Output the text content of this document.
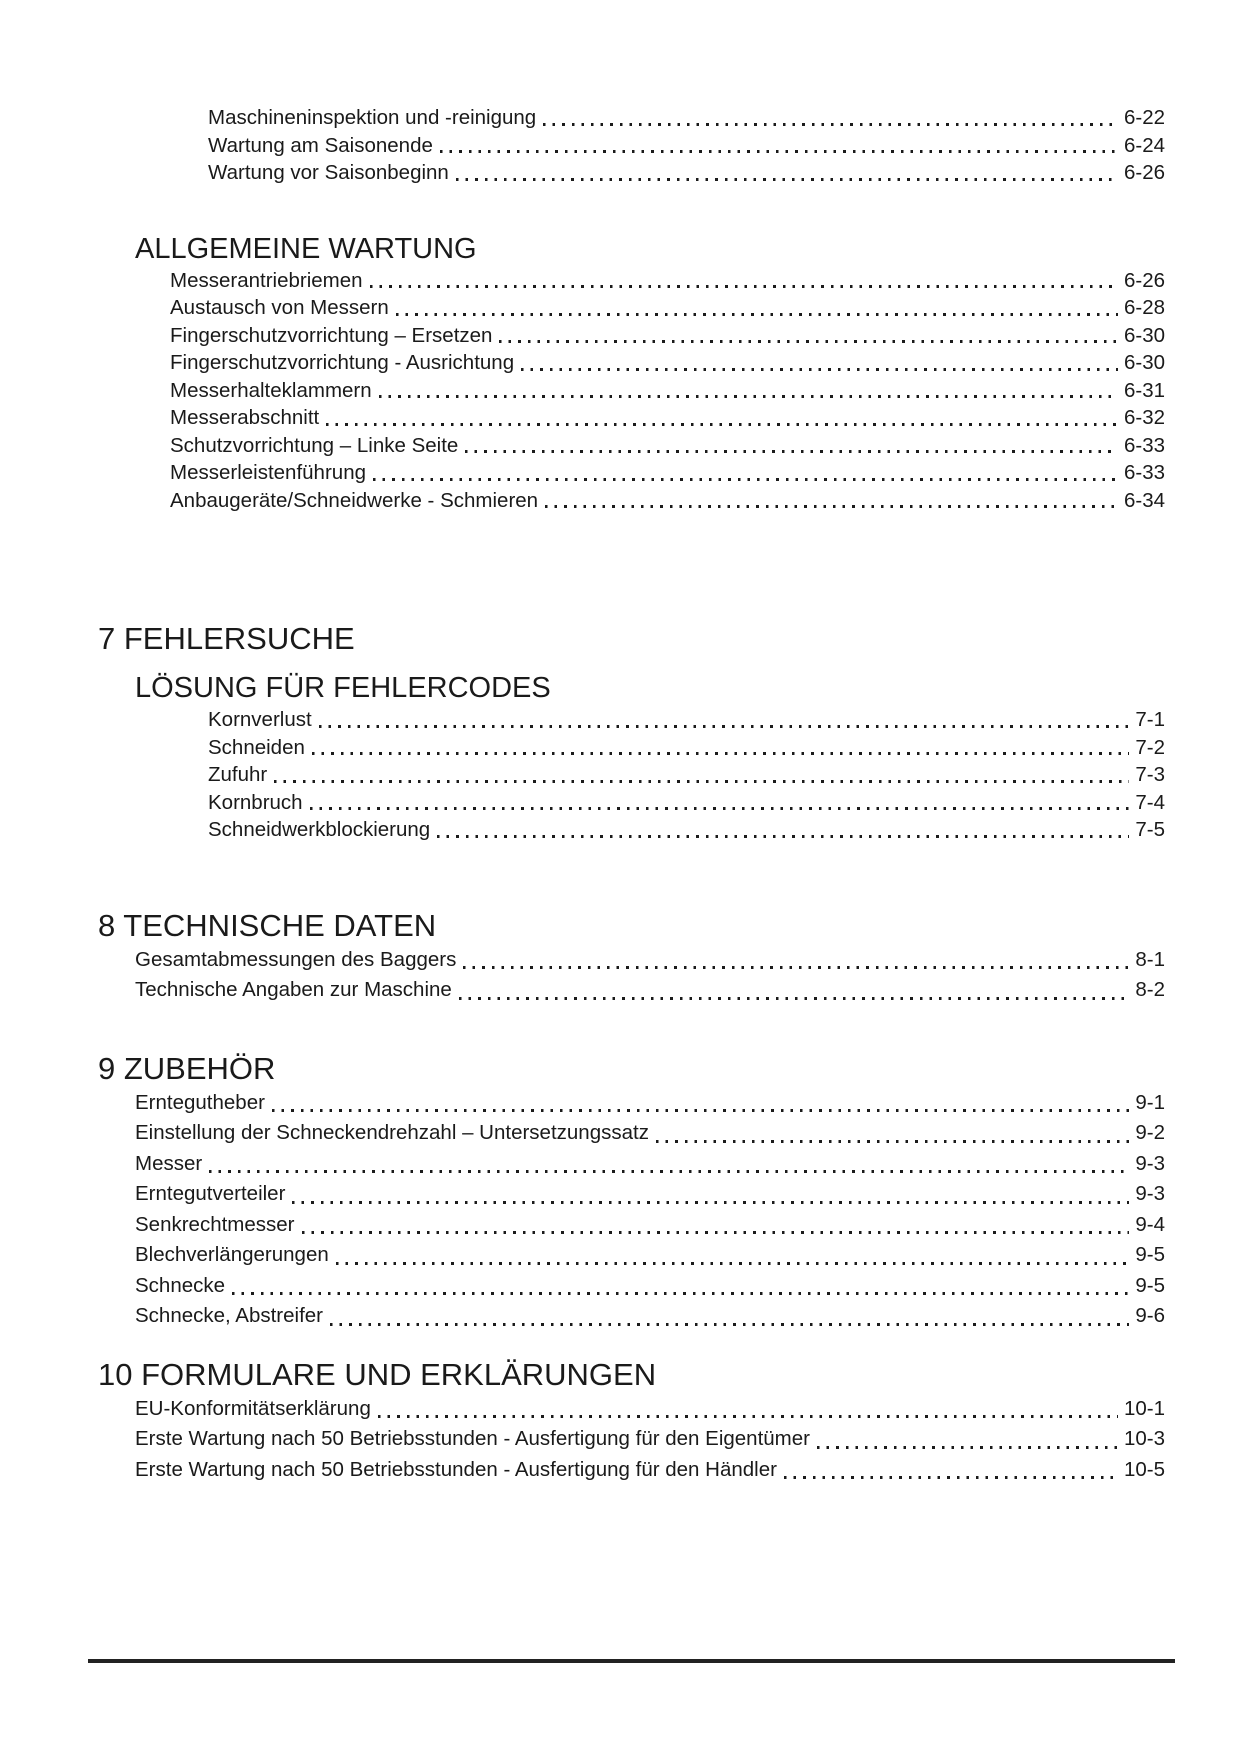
Maschineninspektion und -reinigung	6-22
Wartung am Saisonende	6-24
Wartung vor Saisonbeginn	6-26
ALLGEMEINE WARTUNG
Messerantriebriemen	6-26
Austausch von Messern	6-28
Fingerschutzvorrichtung – Ersetzen	6-30
Fingerschutzvorrichtung - Ausrichtung	6-30
Messerhalteklammern	6-31
Messerabschnitt	6-32
Schutzvorrichtung – Linke Seite	6-33
Messerleistenführung	6-33
Anbaugeräte/Schneidwerke - Schmieren	6-34
7 FEHLERSUCHE
LÖSUNG FÜR FEHLERCODES
Kornverlust	7-1
Schneiden	7-2
Zufuhr	7-3
Kornbruch	7-4
Schneidwerkblockierung	7-5
8 TECHNISCHE DATEN
Gesamtabmessungen des Baggers	8-1
Technische Angaben zur Maschine	8-2
9 ZUBEHÖR
Erntegutheber	9-1
Einstellung der Schneckendrehzahl – Untersetzungssatz	9-2
Messer	9-3
Erntegutverteiler	9-3
Senkrechtmesser	9-4
Blechverlängerungen	9-5
Schnecke	9-5
Schnecke, Abstreifer	9-6
10 FORMULARE UND ERKLÄRUNGEN
EU-Konformitätserklärung	10-1
Erste Wartung nach 50 Betriebsstunden - Ausfertigung für den Eigentümer	10-3
Erste Wartung nach 50 Betriebsstunden - Ausfertigung für den Händler	10-5
